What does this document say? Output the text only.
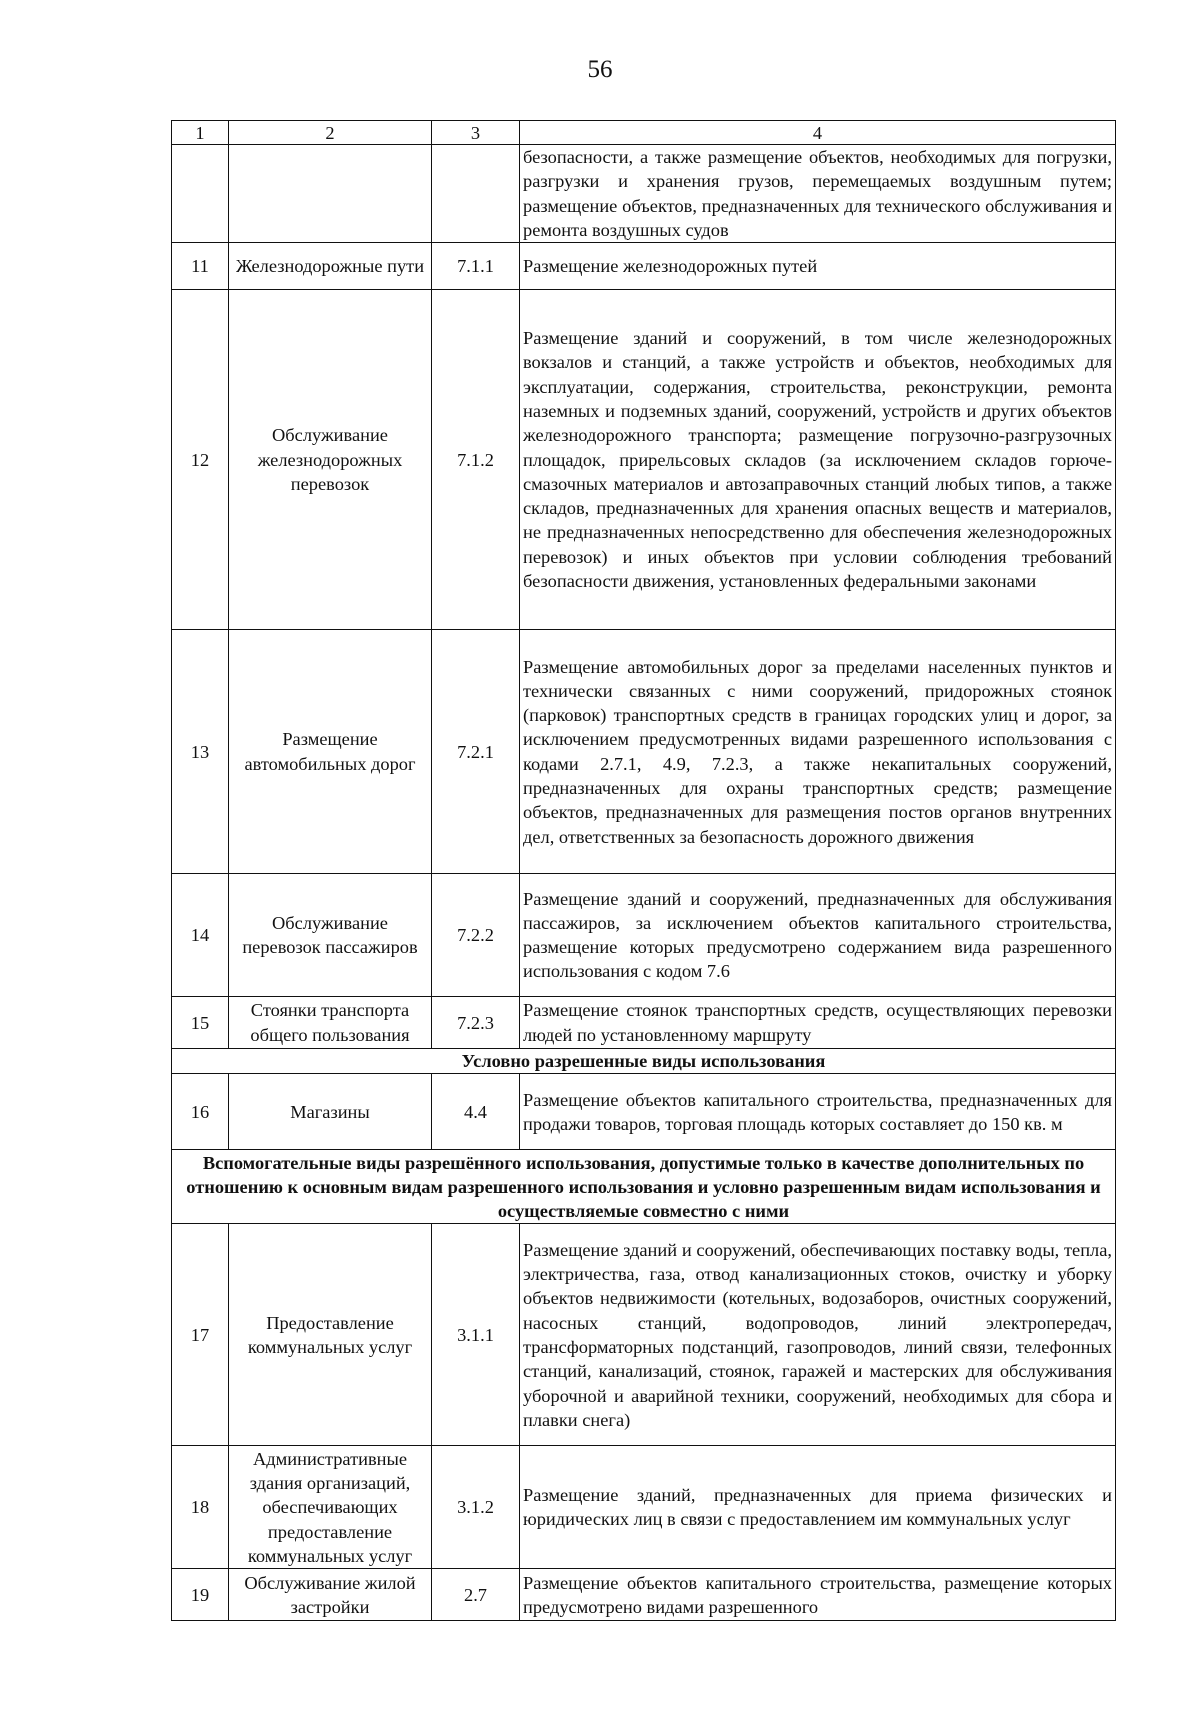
56
1	2	3	4
			безопасности, а также размещение объектов, необходимых для погрузки, разгрузки и хранения грузов, перемещаемых воздушным путем; размещение объектов, предназначенных для технического обслуживания и ремонта воздушных судов
11	Железнодорожные пути	7.1.1	Размещение железнодорожных путей
12	Обслуживание железнодорожных перевозок	7.1.2	Размещение зданий и сооружений, в том числе железнодорожных вокзалов и станций, а также устройств и объектов, необходимых для эксплуатации, содержания, строительства, реконструкции, ремонта наземных и подземных зданий, сооружений, устройств и других объектов железнодорожного транспорта; размещение погрузочно-разгрузочных площадок, прирельсовых складов (за исключением складов горюче-смазочных материалов и автозаправочных станций любых типов, а также складов, предназначенных для хранения опасных веществ и материалов, не предназначенных непосредственно для обеспечения железнодорожных перевозок) и иных объектов при условии соблюдения требований безопасности движения, установленных федеральными законами
13	Размещение автомобильных дорог	7.2.1	Размещение автомобильных дорог за пределами населенных пунктов и технически связанных с ними сооружений, придорожных стоянок (парковок) транспортных средств в границах городских улиц и дорог, за исключением предусмотренных видами разрешенного использования с кодами 2.7.1, 4.9, 7.2.3, а также некапитальных сооружений, предназначенных для охраны транспортных средств; размещение объектов, предназначенных для размещения постов органов внутренних дел, ответственных за безопасность дорожного движения
14	Обслуживание перевозок пассажиров	7.2.2	Размещение зданий и сооружений, предназначенных для обслуживания пассажиров, за исключением объектов капитального строительства, размещение которых предусмотрено содержанием вида разрешенного использования с кодом 7.6
15	Стоянки транспорта общего пользования	7.2.3	Размещение стоянок транспортных средств, осуществляющих перевозки людей по установленному маршруту
Условно разрешенные виды использования			
16	Магазины	4.4	Размещение объектов капитального строительства, предназначенных для продажи товаров, торговая площадь которых составляет до 150 кв. м
Вспомогательные виды разрешённого использования, допустимые только в качестве дополнительных по отношению к основным видам разрешенного использования и условно разрешенным видам использования и осуществляемые совместно с ними			
17	Предоставление коммунальных услуг	3.1.1	Размещение зданий и сооружений, обеспечивающих поставку воды, тепла, электричества, газа, отвод канализационных стоков, очистку и уборку объектов недвижимости (котельных, водозаборов, очистных сооружений, насосных станций, водопроводов, линий электропередач, трансформаторных подстанций, газопроводов, линий связи, телефонных станций, канализаций, стоянок, гаражей и мастерских для обслуживания уборочной и аварийной техники, сооружений, необходимых для сбора и плавки снега)
18	Административные здания организаций, обеспечивающих предоставление коммунальных услуг	3.1.2	Размещение зданий, предназначенных для приема физических и юридических лиц в связи с предоставлением им коммунальных услуг
19	Обслуживание жилой застройки	2.7	Размещение объектов капитального строительства, размещение которых предусмотрено видами разрешенного
